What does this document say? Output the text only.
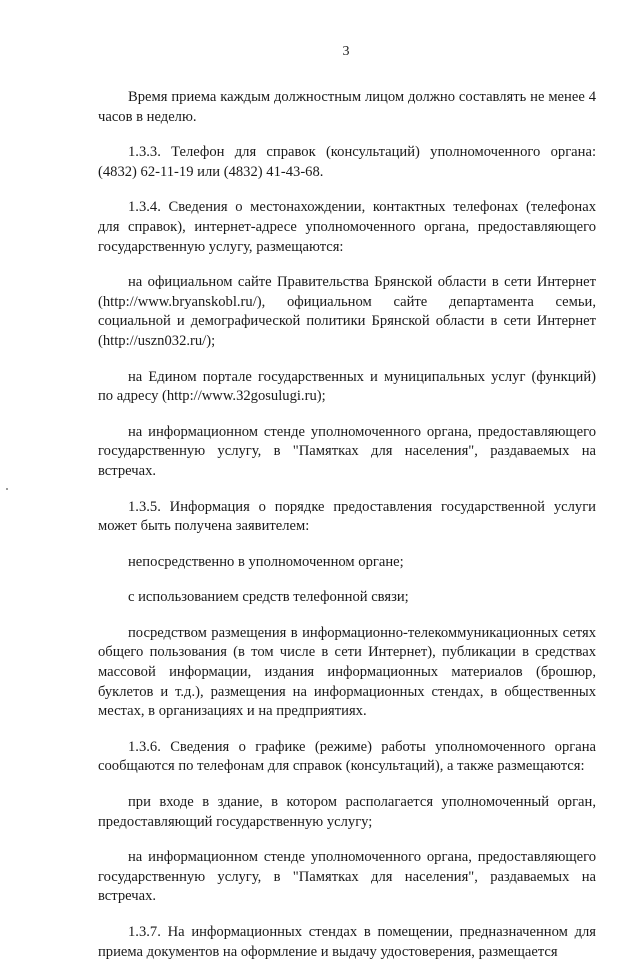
3

Время приема каждым должностным лицом должно составлять не менее 4 часов в неделю.

1.3.3. Телефон для справок (консультаций) уполномоченного органа: (4832) 62-11-19 или (4832) 41-43-68.

1.3.4. Сведения о местонахождении, контактных телефонах (телефонах для справок), интернет-адресе уполномоченного органа, предоставляющего государственную услугу, размещаются:

на официальном сайте Правительства Брянской области в сети Интернет (http://www.bryanskobl.ru/), официальном сайте департамента семьи, социальной и демографической политики Брянской области в сети Интернет (http://uszn032.ru/);

на Едином портале государственных и муниципальных услуг (функций) по адресу (http://www.32gosulugi.ru);

на информационном стенде уполномоченного органа, предоставляющего государственную услугу, в "Памятках для населения", раздаваемых на встречах.

1.3.5. Информация о порядке предоставления государственной услуги может быть получена заявителем:

непосредственно в уполномоченном органе;

с использованием средств телефонной связи;

посредством размещения в информационно-телекоммуникационных сетях общего пользования (в том числе в сети Интернет), публикации в средствах массовой информации, издания информационных материалов (брошюр, буклетов и т.д.), размещения на информационных стендах, в общественных местах, в организациях и на предприятиях.

1.3.6. Сведения о графике (режиме) работы уполномоченного органа сообщаются по телефонам для справок (консультаций), а также размещаются:

при входе в здание, в котором располагается уполномоченный орган, предоставляющий государственную услугу;

на информационном стенде уполномоченного органа, предоставляющего государственную услугу, в "Памятках для населения", раздаваемых на встречах.

1.3.7. На информационных стендах в помещении, предназначенном для приема документов на оформление и выдачу удостоверения, размещается
